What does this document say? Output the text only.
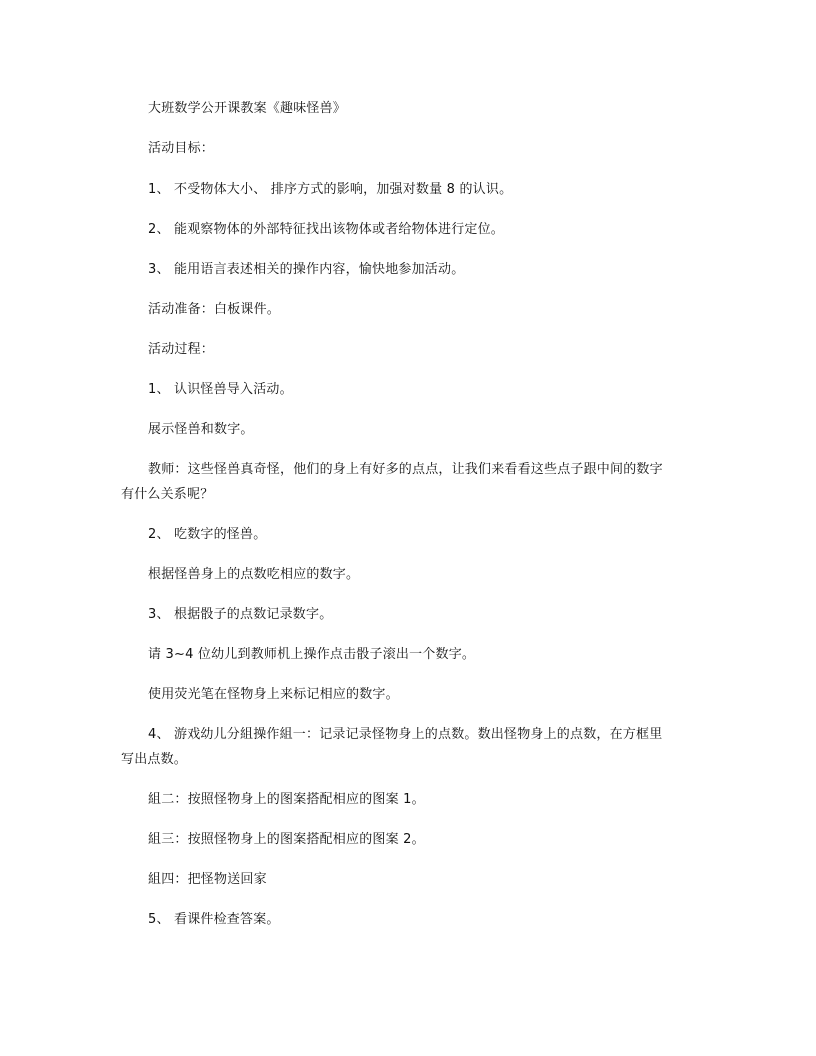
大班数学公开课教案《趣味怪兽》
活动目标：
1、 不受物体大小、 排序方式的影响，加强对数量 8 的认识。
2、 能观察物体的外部特征找出该物体或者给物体进行定位。
3、 能用语言表述相关的操作内容，愉快地参加活动。
活动准备：白板课件。
活动过程：
1、 认识怪兽导入活动。
展示怪兽和数字。
教师：这些怪兽真奇怪，他们的身上有好多的点点，让我们来看看这些点子跟中间的数字
有什么关系呢？
2、 吃数字的怪兽。
根据怪兽身上的点数吃相应的数字。
3、 根据骰子的点数记录数字。
请 3~4 位幼儿到教师机上操作点击骰子滚出一个数字。
使用荧光笔在怪物身上来标记相应的数字。
4、 游戏幼儿分組操作組一：记录记录怪物身上的点数。数出怪物身上的点数，在方框里
写出点数。
組二：按照怪物身上的图案搭配相应的图案 1。
組三：按照怪物身上的图案搭配相应的图案 2。
組四：把怪物送回家
5、 看课件检查答案。
